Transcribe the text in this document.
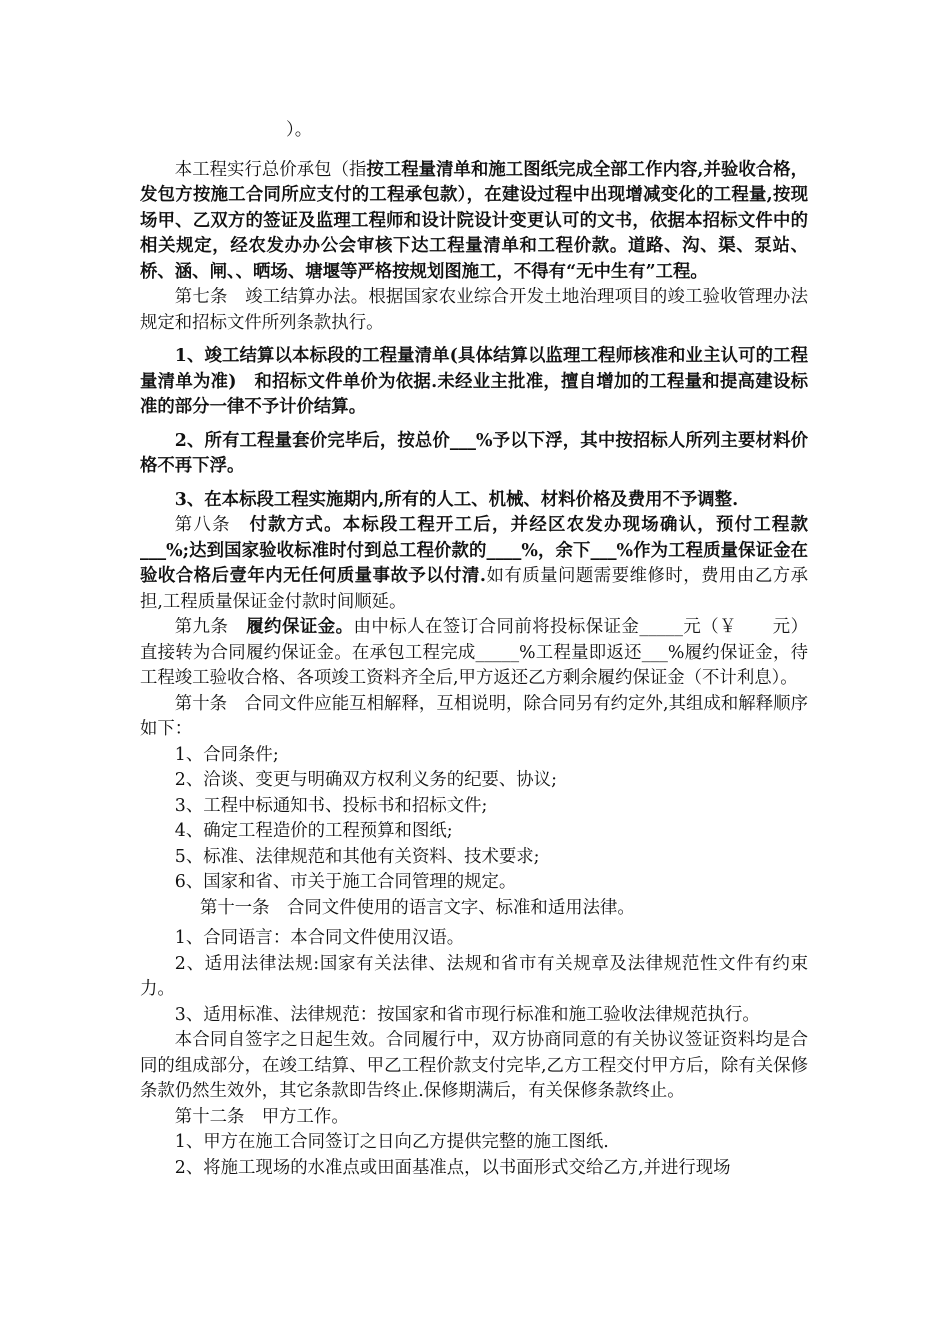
）。

本工程实行总价承包（指按工程量清单和施工图纸完成全部工作内容,并验收合格，发包方按施工合同所应支付的工程承包款），在建设过程中出现增减变化的工程量,按现场甲、乙双方的签证及监理工程师和设计院设计变更认可的文书，依据本招标文件中的相关规定，经农发办办公会审核下达工程量清单和工程价款。道路、沟、渠、泵站、桥、涵、闸、、晒场、塘堰等严格按规划图施工，不得有“无中生有”工程。

第七条　竣工结算办法。根据国家农业综合开发土地治理项目的竣工验收管理办法规定和招标文件所列条款执行。

1、竣工结算以本标段的工程量清单(具体结算以监理工程师核准和业主认可的工程量清单为准)　和招标文件单价为依据.未经业主批准，擅自增加的工程量和提高建设标准的部分一律不予计价结算。

2、所有工程量套价完毕后，按总价___%予以下浮，其中按招标人所列主要材料价格不再下浮。

3、在本标段工程实施期内,所有的人工、机械、材料价格及费用不予调整.

第八条　付款方式。本标段工程开工后，并经区农发办现场确认，预付工程款___%;达到国家验收标准时付到总工程价款的____%，余下___%作为工程质量保证金在验收合格后壹年内无任何质量事故予以付清.如有质量问题需要维修时，费用由乙方承担,工程质量保证金付款时间顺延。

第九条　履约保证金。由中标人在签订合同前将投标保证金_____元（￥　　元）直接转为合同履约保证金。在承包工程完成_____%工程量即返还___%履约保证金，待工程竣工验收合格、各项竣工资料齐全后,甲方返还乙方剩余履约保证金（不计利息）。

第十条　合同文件应能互相解释，互相说明，除合同另有约定外,其组成和解释顺序如下：

1、合同条件;

2、洽谈、变更与明确双方权利义务的纪要、协议;

3、工程中标通知书、投标书和招标文件;

4、确定工程造价的工程预算和图纸;

5、标准、法律规范和其他有关资料、技术要求;

6、国家和省、市关于施工合同管理的规定。

第十一条　合同文件使用的语言文字、标准和适用法律。

1、合同语言：本合同文件使用汉语。

2、适用法律法规:国家有关法律、法规和省市有关规章及法律规范性文件有约束力。

3、适用标准、法律规范：按国家和省市现行标准和施工验收法律规范执行。

本合同自签字之日起生效。合同履行中，双方协商同意的有关协议签证资料均是合同的组成部分，在竣工结算、甲乙工程价款支付完毕,乙方工程交付甲方后，除有关保修条款仍然生效外，其它条款即告终止.保修期满后，有关保修条款终止。

第十二条　甲方工作。

1、甲方在施工合同签订之日向乙方提供完整的施工图纸.

2、将施工现场的水准点或田面基准点，以书面形式交给乙方,并进行现场
